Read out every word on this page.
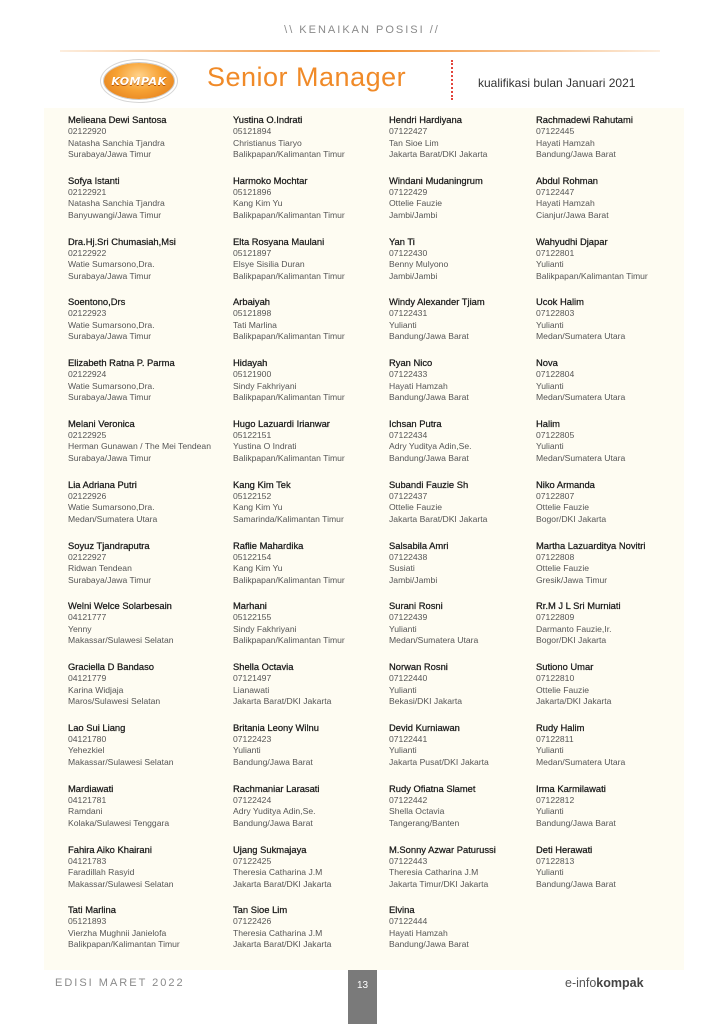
\\ KENAIKAN POSISI //
KOMPAK Senior Manager	kualifikasi bulan Januari 2021
Melieana Dewi Santosa
02122920
Natasha Sanchia Tjandra
Surabaya/Jawa Timur
Sofya Istanti
02122921
Natasha Sanchia Tjandra
Banyuwangi/Jawa Timur
Dra.Hj.Sri Chumasiah,Msi
02122922
Watie Sumarsono,Dra.
Surabaya/Jawa Timur
Soentono,Drs
02122923
Watie Sumarsono,Dra.
Surabaya/Jawa Timur
Elizabeth Ratna P. Parma
02122924
Watie Sumarsono,Dra.
Surabaya/Jawa Timur
Melani Veronica
02122925
Herman Gunawan / The Mei Tendean
Surabaya/Jawa Timur
Lia Adriana Putri
02122926
Watie Sumarsono,Dra.
Medan/Sumatera Utara
Soyuz Tjandraputra
02122927
Ridwan Tendean
Surabaya/Jawa Timur
Welni Welce Solarbesain
04121777
Yenny
Makassar/Sulawesi Selatan
Graciella D Bandaso
04121779
Karina Widjaja
Maros/Sulawesi Selatan
Lao Sui Liang
04121780
Yehezkiel
Makassar/Sulawesi Selatan
Mardiawati
04121781
Ramdani
Kolaka/Sulawesi Tenggara
Fahira Aiko Khairani
04121783
Faradillah Rasyid
Makassar/Sulawesi Selatan
Tati Marlina
05121893
Vierzha Mughnii Janielofa
Balikpapan/Kalimantan Timur
Yustina O.Indrati
05121894
Christianus Tiaryo
Balikpapan/Kalimantan Timur
Harmoko Mochtar
05121896
Kang Kim Yu
Balikpapan/Kalimantan Timur
Elta Rosyana Maulani
05121897
Elsye Sisilia Duran
Balikpapan/Kalimantan Timur
Arbaiyah
05121898
Tati Marlina
Balikpapan/Kalimantan Timur
Hidayah
05121900
Sindy Fakhriyani
Balikpapan/Kalimantan Timur
Hugo Lazuardi Irianwar
05122151
Yustina O Indrati
Balikpapan/Kalimantan Timur
Kang Kim Tek
05122152
Kang Kim Yu
Samarinda/Kalimantan Timur
Raflie Mahardika
05122154
Kang Kim Yu
Balikpapan/Kalimantan Timur
Marhani
05122155
Sindy Fakhriyani
Balikpapan/Kalimantan Timur
Shella Octavia
07121497
Lianawati
Jakarta Barat/DKI Jakarta
Britania Leony Wilnu
07122423
Yulianti
Bandung/Jawa Barat
Rachmaniar Larasati
07122424
Adry Yuditya Adin,Se.
Bandung/Jawa Barat
Ujang Sukmajaya
07122425
Theresia Catharina J.M
Jakarta Barat/DKI Jakarta
Tan Sioe Lim
07122426
Theresia Catharina J.M
Jakarta Barat/DKI Jakarta
Hendri Hardiyana
07122427
Tan Sioe Lim
Jakarta Barat/DKI Jakarta
Windani Mudaningrum
07122429
Ottelie Fauzie
Jambi/Jambi
Yan Ti
07122430
Benny Mulyono
Jambi/Jambi
Windy Alexander Tjiam
07122431
Yulianti
Bandung/Jawa Barat
Ryan Nico
07122433
Hayati Hamzah
Bandung/Jawa Barat
Ichsan Putra
07122434
Adry Yuditya Adin,Se.
Bandung/Jawa Barat
Subandi Fauzie Sh
07122437
Ottelie Fauzie
Jakarta Barat/DKI Jakarta
Salsabila Amri
07122438
Susiati
Jambi/Jambi
Surani Rosni
07122439
Yulianti
Medan/Sumatera Utara
Norwan Rosni
07122440
Yulianti
Bekasi/DKI Jakarta
Devid Kurniawan
07122441
Yulianti
Jakarta Pusat/DKI Jakarta
Rudy Ofiatna Slamet
07122442
Shella Octavia
Tangerang/Banten
M.Sonny Azwar Paturussi
07122443
Theresia Catharina J.M
Jakarta Timur/DKI Jakarta
Elvina
07122444
Hayati Hamzah
Bandung/Jawa Barat
Rachmadewi Rahutami
07122445
Hayati Hamzah
Bandung/Jawa Barat
Abdul Rohman
07122447
Hayati Hamzah
Cianjur/Jawa Barat
Wahyudhi Djapar
07122801
Yulianti
Balikpapan/Kalimantan Timur
Ucok Halim
07122803
Yulianti
Medan/Sumatera Utara
Nova
07122804
Yulianti
Medan/Sumatera Utara
Halim
07122805
Yulianti
Medan/Sumatera Utara
Niko Armanda
07122807
Ottelie Fauzie
Bogor/DKI Jakarta
Martha Lazuarditya Novitri
07122808
Ottelie Fauzie
Gresik/Jawa Timur
Rr.M J L Sri Murniati
07122809
Darmanto Fauzie,Ir.
Bogor/DKI Jakarta
Sutiono Umar
07122810
Ottelie Fauzie
Jakarta/DKI Jakarta
Rudy Halim
07122811
Yulianti
Medan/Sumatera Utara
Irma Karmilawati
07122812
Yulianti
Bandung/Jawa Barat
Deti Herawati
07122813
Yulianti
Bandung/Jawa Barat
EDISI MARET 2022	13	e-infokompak
